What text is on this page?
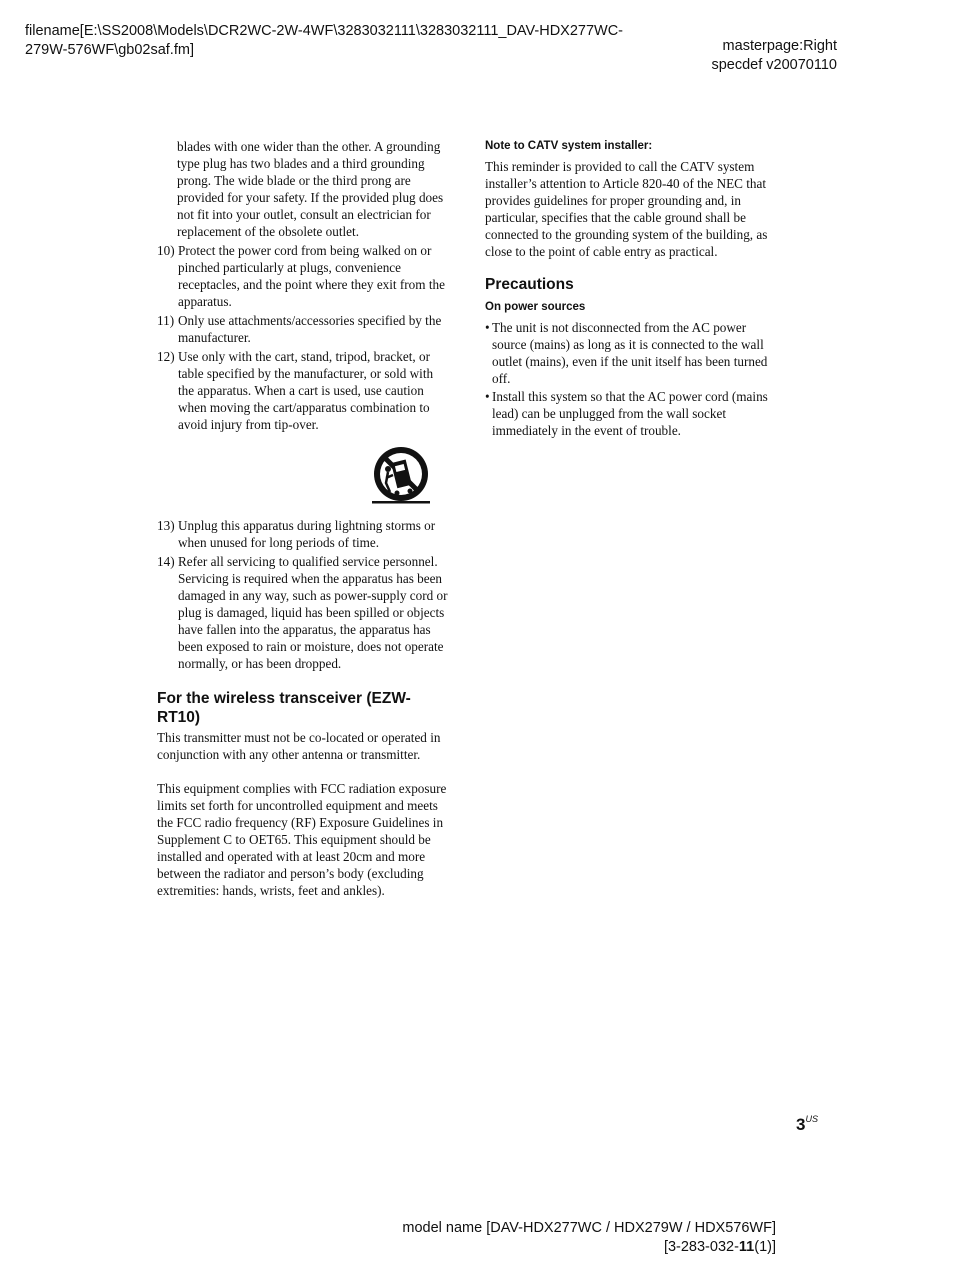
filename[E:\SS2008\Models\DCR2WC-2W-4WF\3283032111\3283032111_DAV-HDX277WC-
279W-576WF\gb02saf.fm]	masterpage:Right
specdef v20070110
blades with one wider than the other. A grounding type plug has two blades and a third grounding prong. The wide blade or the third prong are provided for your safety. If the provided plug does not fit into your outlet, consult an electrician for replacement of the obsolete outlet.
10) Protect the power cord from being walked on or pinched particularly at plugs, convenience receptacles, and the point where they exit from the apparatus.
11) Only use attachments/accessories specified by the manufacturer.
12) Use only with the cart, stand, tripod, bracket, or table specified by the manufacturer, or sold with the apparatus. When a cart is used, use caution when moving the cart/apparatus combination to avoid injury from tip-over.
13) Unplug this apparatus during lightning storms or when unused for long periods of time.
14) Refer all servicing to qualified service personnel. Servicing is required when the apparatus has been damaged in any way, such as power-supply cord or plug is damaged, liquid has been spilled or objects have fallen into the apparatus, the apparatus has been exposed to rain or moisture, does not operate normally, or has been dropped.
For the wireless transceiver (EZW-RT10)

This transmitter must not be co-located or operated in conjunction with any other antenna or transmitter.

This equipment complies with FCC radiation exposure limits set forth for uncontrolled equipment and meets the FCC radio frequency (RF) Exposure Guidelines in Supplement C to OET65. This equipment should be installed and operated with at least 20cm and more between the radiator and person’s body (excluding extremities: hands, wrists, feet and ankles).

Note to CATV system installer:

This reminder is provided to call the CATV system installer’s attention to Article 820-40 of the NEC that provides guidelines for proper grounding and, in particular, specifies that the cable ground shall be connected to the grounding system of the building, as close to the point of cable entry as practical.

Precautions
On power sources
• The unit is not disconnected from the AC power source (mains) as long as it is connected to the wall outlet (mains), even if the unit itself has been turned off.
• Install this system so that the AC power cord (mains lead) can be unplugged from the wall socket immediately in the event of trouble.
$3^{US}$
model name [DAV-HDX277WC / HDX279W / HDX576WF]
[3-283-032-11(1)]
